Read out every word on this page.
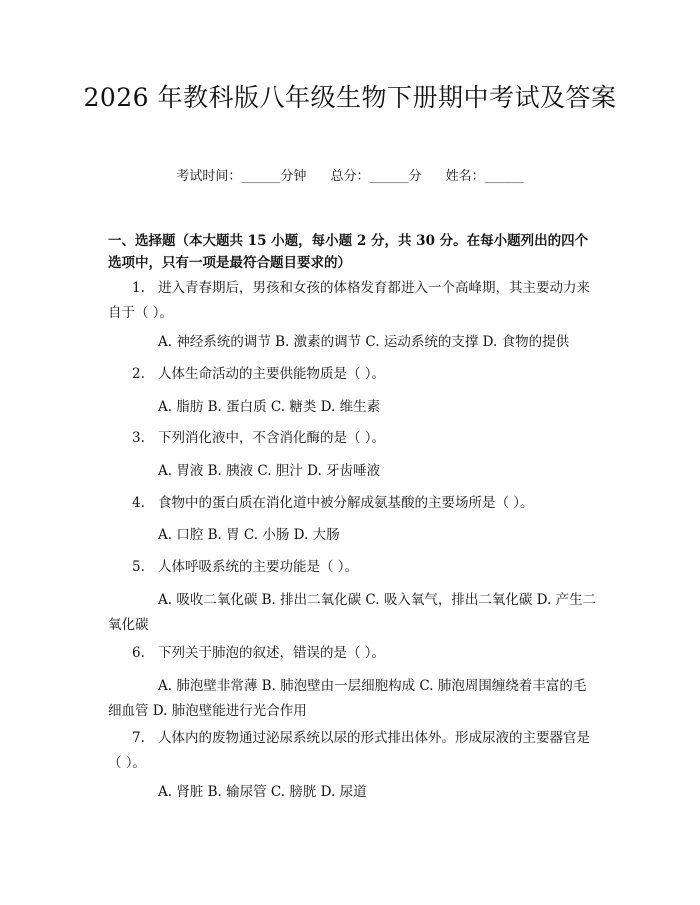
2026 年教科版八年级生物下册期中考试及答案
考试时间：______分钟 总分：______分 姓名：______
一、选择题（本大题共 15 小题，每小题 2 分，共 30 分。在每小题列出的四个选项中，只有一项是最符合题目要求的）
1. 进入青春期后，男孩和女孩的体格发育都进入一个高峰期，其主要动力来自于（ ）。
A. 神经系统的调节 B. 激素的调节 C. 运动系统的支撑 D. 食物的提供
2. 人体生命活动的主要供能物质是（ ）。
A. 脂肪 B. 蛋白质 C. 糖类 D. 维生素
3. 下列消化液中，不含消化酶的是（ ）。
A. 胃液 B. 胰液 C. 胆汁 D. 牙齿唾液
4. 食物中的蛋白质在消化道中被分解成氨基酸的主要场所是（ ）。
A. 口腔 B. 胃 C. 小肠 D. 大肠
5. 人体呼吸系统的主要功能是（ ）。
A. 吸收二氧化碳 B. 排出二氧化碳 C. 吸入氧气，排出二氧化碳 D. 产生二氧化碳
6. 下列关于肺泡的叙述，错误的是（ ）。
A. 肺泡壁非常薄 B. 肺泡壁由一层细胞构成 C. 肺泡周围缠绕着丰富的毛细血管 D. 肺泡壁能进行光合作用
7. 人体内的废物通过泌尿系统以尿的形式排出体外。形成尿液的主要器官是（ ）。
A. 肾脏 B. 输尿管 C. 膀胱 D. 尿道
